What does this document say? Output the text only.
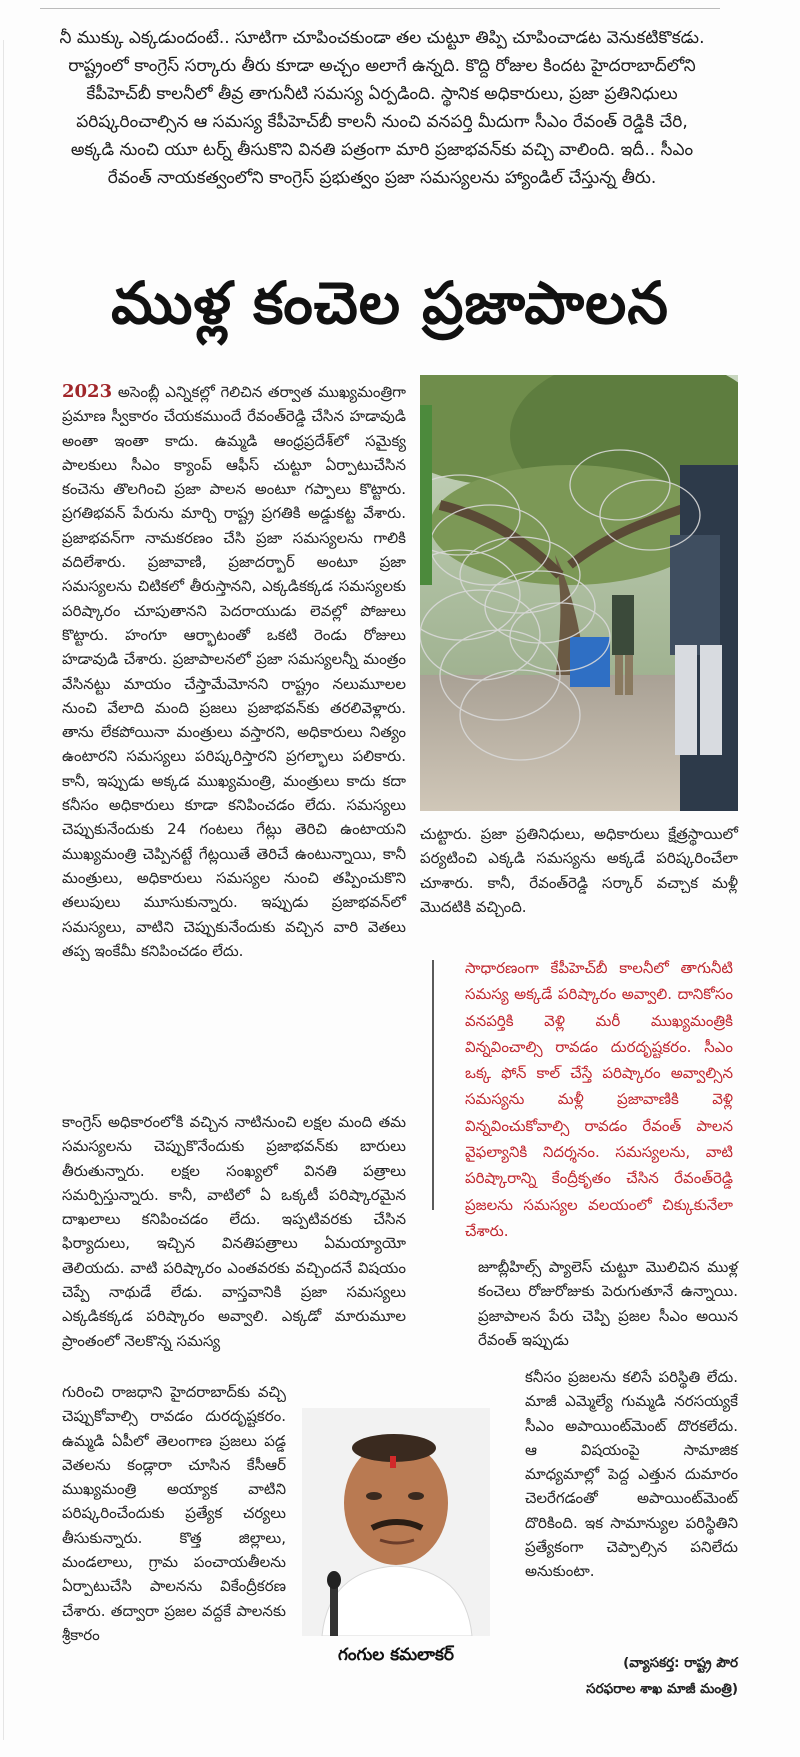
నీ ముక్కు ఎక్కడుందంటే.. సూటిగా చూపించకుండా తల చుట్టూ తిప్పి చూపించాడట వెనుకటికొకడు. రాష్ట్రంలో కాంగ్రెస్ సర్కారు తీరు కూడా అచ్చం అలాగే ఉన్నది. కొద్ది రోజుల కిందట హైదరాబాద్‌లోని కేపీహెచ్‌బీ కాలనీలో తీవ్ర తాగునీటి సమస్య ఏర్పడింది. స్థానిక అధికారులు, ప్రజా ప్రతినిధులు పరిష్కరించాల్సిన ఆ సమస్య కేపీహెచ్‌బీ కాలనీ నుంచి వనపర్తి మీదుగా సీఎం రేవంత్ రెడ్డికి చేరి, అక్కడి నుంచి యూ టర్న్ తీసుకొని వినతి పత్రంగా మారి ప్రజాభవన్‌కు వచ్చి వాలింది. ఇదీ.. సీఎం రేవంత్ నాయకత్వంలోని కాంగ్రెస్ ప్రభుత్వం ప్రజా సమస్యలను హ్యాండిల్ చేస్తున్న తీరు.
ముళ్ల కంచెల ప్రజాపాలన

2023 అసెంబ్లీ ఎన్నికల్లో గెలిచిన తర్వాత ముఖ్యమంత్రిగా ప్రమాణ స్వీకారం చేయకముందే రేవంత్‌రెడ్డి చేసిన హడావుడి అంతా ఇంతా కాదు. ఉమ్మడి ఆంధ్రప్రదేశ్‌లో సమైక్య పాలకులు సీఎం క్యాంప్ ఆఫీస్ చుట్టూ ఏర్పాటుచేసిన కంచెను తొలగించి ప్రజా పాలన అంటూ గప్పాలు కొట్టారు. ప్రగతిభవన్ పేరును మార్చి రాష్ట్ర ప్రగతికి అడ్డుకట్ట వేశారు. ప్రజాభవన్‌గా నామకరణం చేసి ప్రజా సమస్యలను గాలికి వదిలేశారు. ప్రజావాణి, ప్రజాదర్బార్ అంటూ ప్రజా సమస్యలను చిటికలో తీరుస్తానని, ఎక్కడికక్కడ సమస్యలకు పరిష్కారం చూపుతానని పెదరాయుడు లెవల్లో పోజులు కొట్టారు. హంగూ ఆర్భాటంతో ఒకటి రెండు రోజులు హడావుడి చేశారు. ప్రజాపాలనలో ప్రజా సమస్యలన్నీ మంత్రం వేసినట్టు మాయం చేస్తామేమోనని రాష్ట్రం నలుమూలల నుంచి వేలాది మంది ప్రజలు ప్రజాభవన్‌కు తరలివెళ్లారు. తాను లేకపోయినా మంత్రులు వస్తారని, అధికారులు నిత్యం ఉంటారని సమస్యలు పరిష్కరిస్తారని ప్రగల్భాలు పలికారు. కానీ, ఇప్పుడు అక్కడ ముఖ్యమంత్రి, మంత్రులు కాదు కదా కనీసం అధికారులు కూడా కనిపించడం లేదు. సమస్యలు చెప్పుకునేందుకు 24 గంటలు గేట్లు తెరిచి ఉంటాయని ముఖ్యమంత్రి చెప్పినట్టే గేట్లయితే తెరిచే ఉంటున్నాయి, కానీ మంత్రులు, అధికారులు సమస్యల నుంచి తప్పించుకొని తలుపులు మూసుకున్నారు. ఇప్పుడు ప్రజాభవన్‌లో సమస్యలు, వాటిని చెప్పుకునేందుకు వచ్చిన వారి వెతలు తప్ప ఇంకేమీ కనిపించడం లేదు.

చుట్టారు. ప్రజా ప్రతినిధులు, అధికారులు క్షేత్రస్థాయిలో పర్యటించి ఎక్కడి సమస్యను అక్కడే పరిష్కరించేలా చూశారు. కానీ, రేవంత్‌రెడ్డి సర్కార్ వచ్చాక మళ్లీ మొదటికి వచ్చింది.

సాధారణంగా కేపీహెచ్‌బీ కాలనీలో తాగునీటి సమస్య అక్కడే పరిష్కారం అవ్వాలి. దానికోసం వనపర్తికి వెళ్లి మరీ ముఖ్యమంత్రికి విన్నవించాల్సి రావడం దురదృష్టకరం. సీఎం ఒక్క ఫోన్ కాల్ చేస్తే పరిష్కారం అవ్వాల్సిన సమస్యను మళ్లీ ప్రజావాణికి వెళ్లి విన్నవించుకోవాల్సి రావడం రేవంత్ పాలన వైఫల్యానికి నిదర్శనం. సమస్యలను, వాటి పరిష్కారాన్ని కేంద్రీకృతం చేసిన రేవంత్‌రెడ్డి ప్రజలను సమస్యల వలయంలో చిక్కుకునేలా చేశారు.

కాంగ్రెస్ అధికారంలోకి వచ్చిన నాటినుంచి లక్షల మంది తమ సమస్యలను చెప్పుకొనేందుకు ప్రజాభవన్‌కు బారులు తీరుతున్నారు. లక్షల సంఖ్యలో వినతి పత్రాలు సమర్పిస్తున్నారు. కానీ, వాటిలో ఏ ఒక్కటీ పరిష్కారమైన దాఖలాలు కనిపించడం లేదు. ఇప్పటివరకు చేసిన ఫిర్యాదులు, ఇచ్చిన వినతిపత్రాలు ఏమయ్యాయో తెలియదు. వాటి పరిష్కారం ఎంతవరకు వచ్చిందనే విషయం చెప్పే నాథుడే లేడు. వాస్తవానికి ప్రజా సమస్యలు ఎక్కడికక్కడ పరిష్కారం అవ్వాలి. ఎక్కడో మారుమూల ప్రాంతంలో నెలకొన్న సమస్య

జూబ్లీహిల్స్ ప్యాలెస్ చుట్టూ మొలిచిన ముళ్ల కంచెలు రోజురోజుకు పెరుగుతూనే ఉన్నాయి. ప్రజాపాలన పేరు చెప్పి ప్రజల సీఎం అయిన రేవంత్ ఇప్పుడు

గురించి రాజధాని హైదరాబాద్‌కు వచ్చి చెప్పుకోవాల్సి రావడం దురదృష్టకరం. ఉమ్మడి ఏపీలో తెలంగాణ ప్రజలు పడ్డ వెతలను కండ్లారా చూసిన కేసీఆర్ ముఖ్యమంత్రి అయ్యాక వాటిని పరిష్కరించేందుకు ప్రత్యేక చర్యలు తీసుకున్నారు. కొత్త జిల్లాలు, మండలాలు, గ్రామ పంచాయతీలను ఏర్పాటుచేసి పాలనను వికేంద్రీకరణ చేశారు. తద్వారా ప్రజల వద్దకే పాలనకు శ్రీకారం

గంగుల కమలాకర్

కనీసం ప్రజలను కలిసే పరిస్థితి లేదు. మాజీ ఎమ్మెల్యే గుమ్మడి నరసయ్యకే సీఎం అపాయింట్‌మెంట్ దొరకలేదు. ఆ విషయంపై సామాజిక మాధ్యమాల్లో పెద్ద ఎత్తున దుమారం చెలరేగడంతో అపాయింట్‌మెంట్ దొరికింది. ఇక సామాన్యుల పరిస్థితిని ప్రత్యేకంగా చెప్పాల్సిన పనిలేదు అనుకుంటా.

(వ్యాసకర్త: రాష్ట్ర పౌర
సరఫరాల శాఖ మాజీ మంత్రి)
